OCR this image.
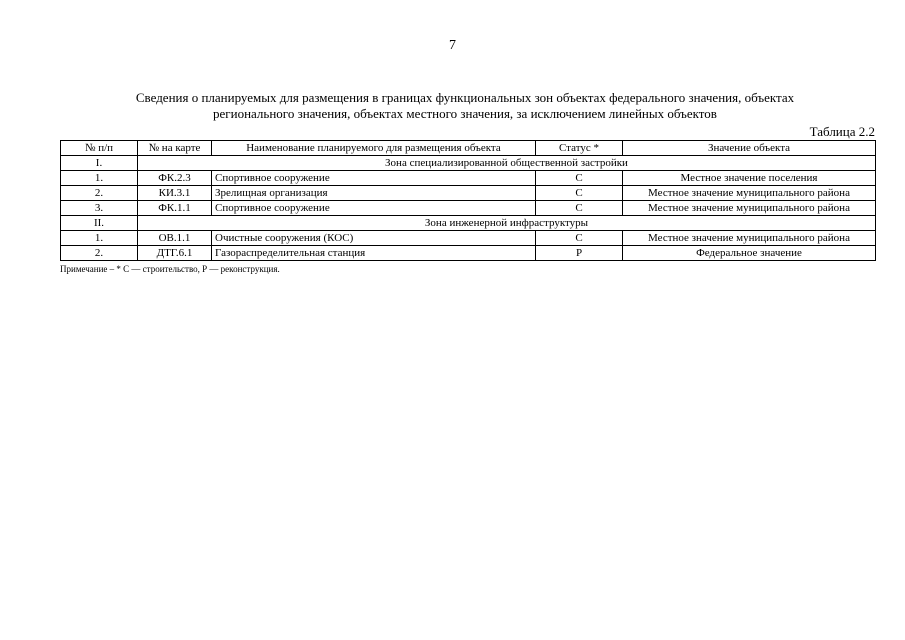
7
Сведения о планируемых для размещения в границах функциональных зон объектах федерального значения, объектах
регионального значения, объектах местного значения, за исключением линейных объектов
Таблица 2.2
№ п/п	№ на карте	Наименование планируемого для размещения объекта	Статус *	Значение объекта
I.	Зона специализированной общественной застройки			
1.	ФК.2.3	Спортивное сооружение	С	Местное значение поселения
2.	КИ.3.1	Зрелищная организация	С	Местное значение муниципального района
3.	ФК.1.1	Спортивное сооружение	С	Местное значение муниципального района
II.	Зона инженерной инфраструктуры			
1.	ОВ.1.1	Очистные сооружения (КОС)	С	Местное значение муниципального района
2.	ДТГ.6.1	Газораспределительная станция	Р	Федеральное значение
Примечание – * С — строительство, Р — реконструкция.
